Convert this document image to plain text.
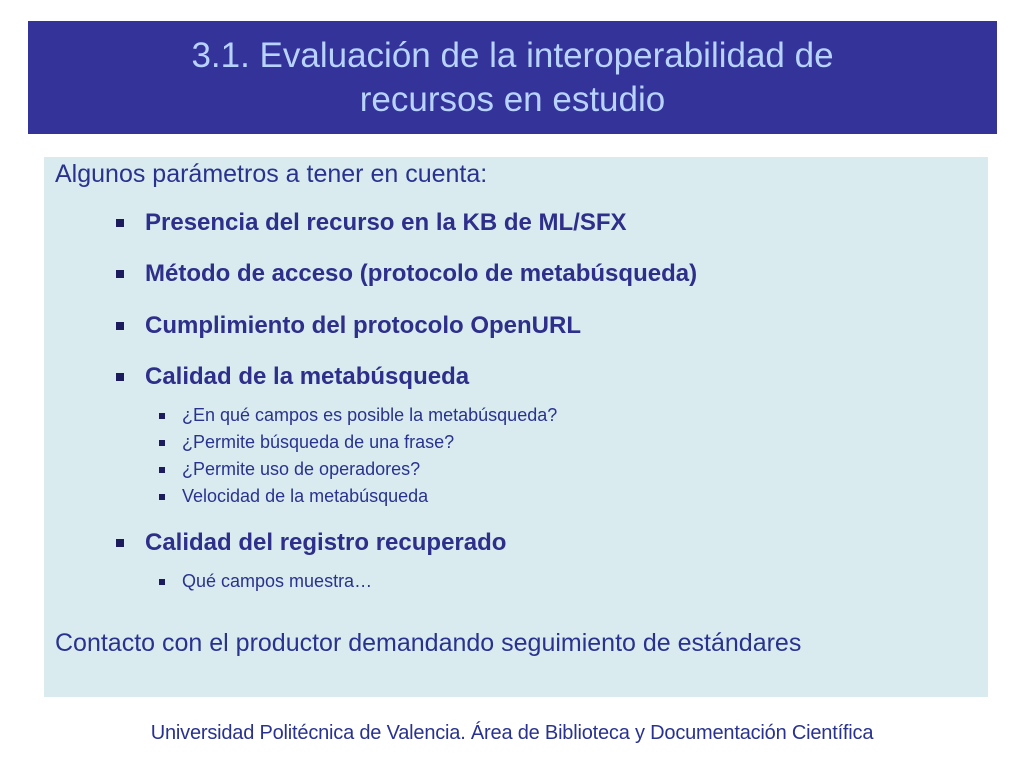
3.1. Evaluación de la interoperabilidad de
recursos en estudio
Algunos parámetros a tener en cuenta:
Presencia del recurso en la KB de ML/SFX
Método de acceso (protocolo de metabúsqueda)
Cumplimiento del protocolo OpenURL
Calidad de la metabúsqueda
¿En qué campos es posible la metabúsqueda?
¿Permite búsqueda de una frase?
¿Permite uso de operadores?
Velocidad de la metabúsqueda
Calidad del registro recuperado
Qué campos muestra…
Contacto con el productor demandando seguimiento de estándares
Universidad Politécnica de Valencia. Área de Biblioteca y Documentación Científica
